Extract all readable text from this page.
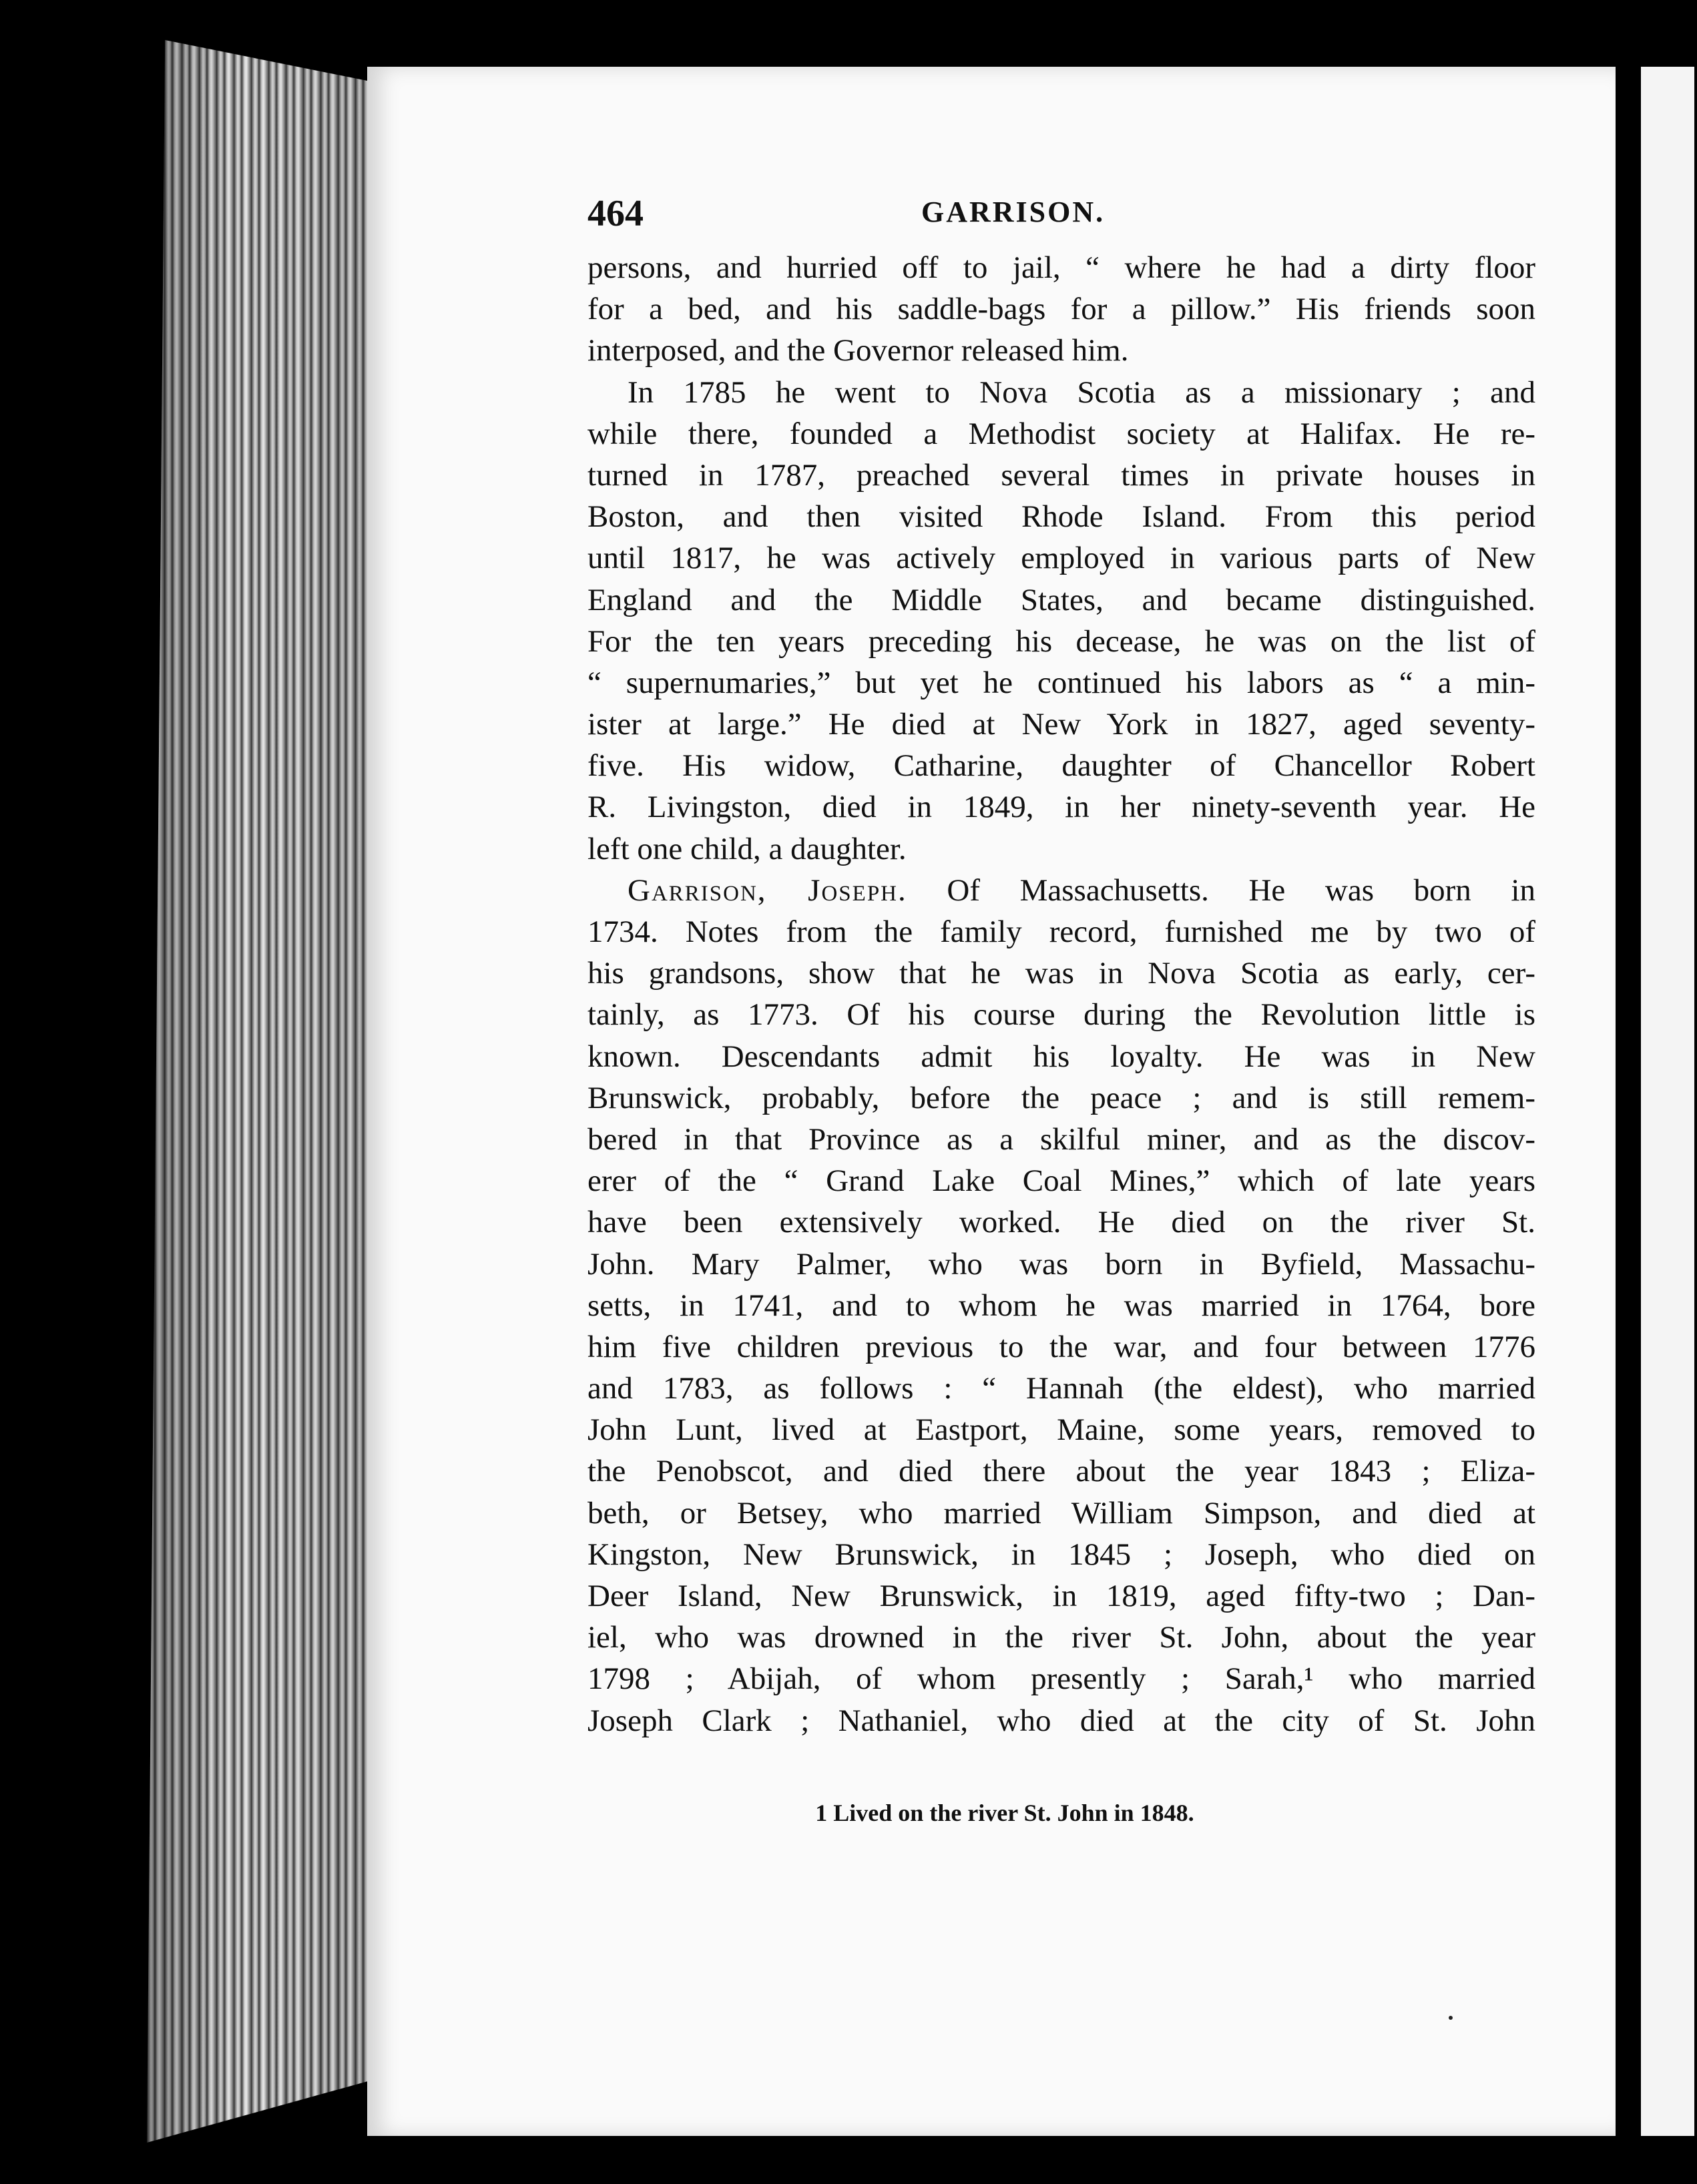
464	GARRISON.
persons, and hurried off to jail, “ where he had a dirty floor
for a bed, and his saddle-bags for a pillow.” His friends soon
interposed, and the Governor released him.
In 1785 he went to Nova Scotia as a missionary ; and
while there, founded a Methodist society at Halifax. He re-
turned in 1787, preached several times in private houses in
Boston, and then visited Rhode Island. From this period
until 1817, he was actively employed in various parts of New
England and the Middle States, and became distinguished.
For the ten years preceding his decease, he was on the list of
“ supernumaries,” but yet he continued his labors as “ a min-
ister at large.” He died at New York in 1827, aged seventy-
five. His widow, Catharine, daughter of Chancellor Robert
R. Livingston, died in 1849, in her ninety-seventh year. He
left one child, a daughter.
Garrison, Joseph. Of Massachusetts. He was born in
1734. Notes from the family record, furnished me by two of
his grandsons, show that he was in Nova Scotia as early, cer-
tainly, as 1773. Of his course during the Revolution little is
known. Descendants admit his loyalty. He was in New
Brunswick, probably, before the peace ; and is still remem-
bered in that Province as a skilful miner, and as the discov-
erer of the “ Grand Lake Coal Mines,” which of late years
have been extensively worked. He died on the river St.
John. Mary Palmer, who was born in Byfield, Massachu-
setts, in 1741, and to whom he was married in 1764, bore
him five children previous to the war, and four between 1776
and 1783, as follows : “ Hannah (the eldest), who married
John Lunt, lived at Eastport, Maine, some years, removed to
the Penobscot, and died there about the year 1843 ; Eliza-
beth, or Betsey, who married William Simpson, and died at
Kingston, New Brunswick, in 1845 ; Joseph, who died on
Deer Island, New Brunswick, in 1819, aged fifty-two ; Dan-
iel, who was drowned in the river St. John, about the year
1798 ; Abijah, of whom presently ; Sarah,¹ who married
Joseph Clark ; Nathaniel, who died at the city of St. John
1 Lived on the river St. John in 1848.
